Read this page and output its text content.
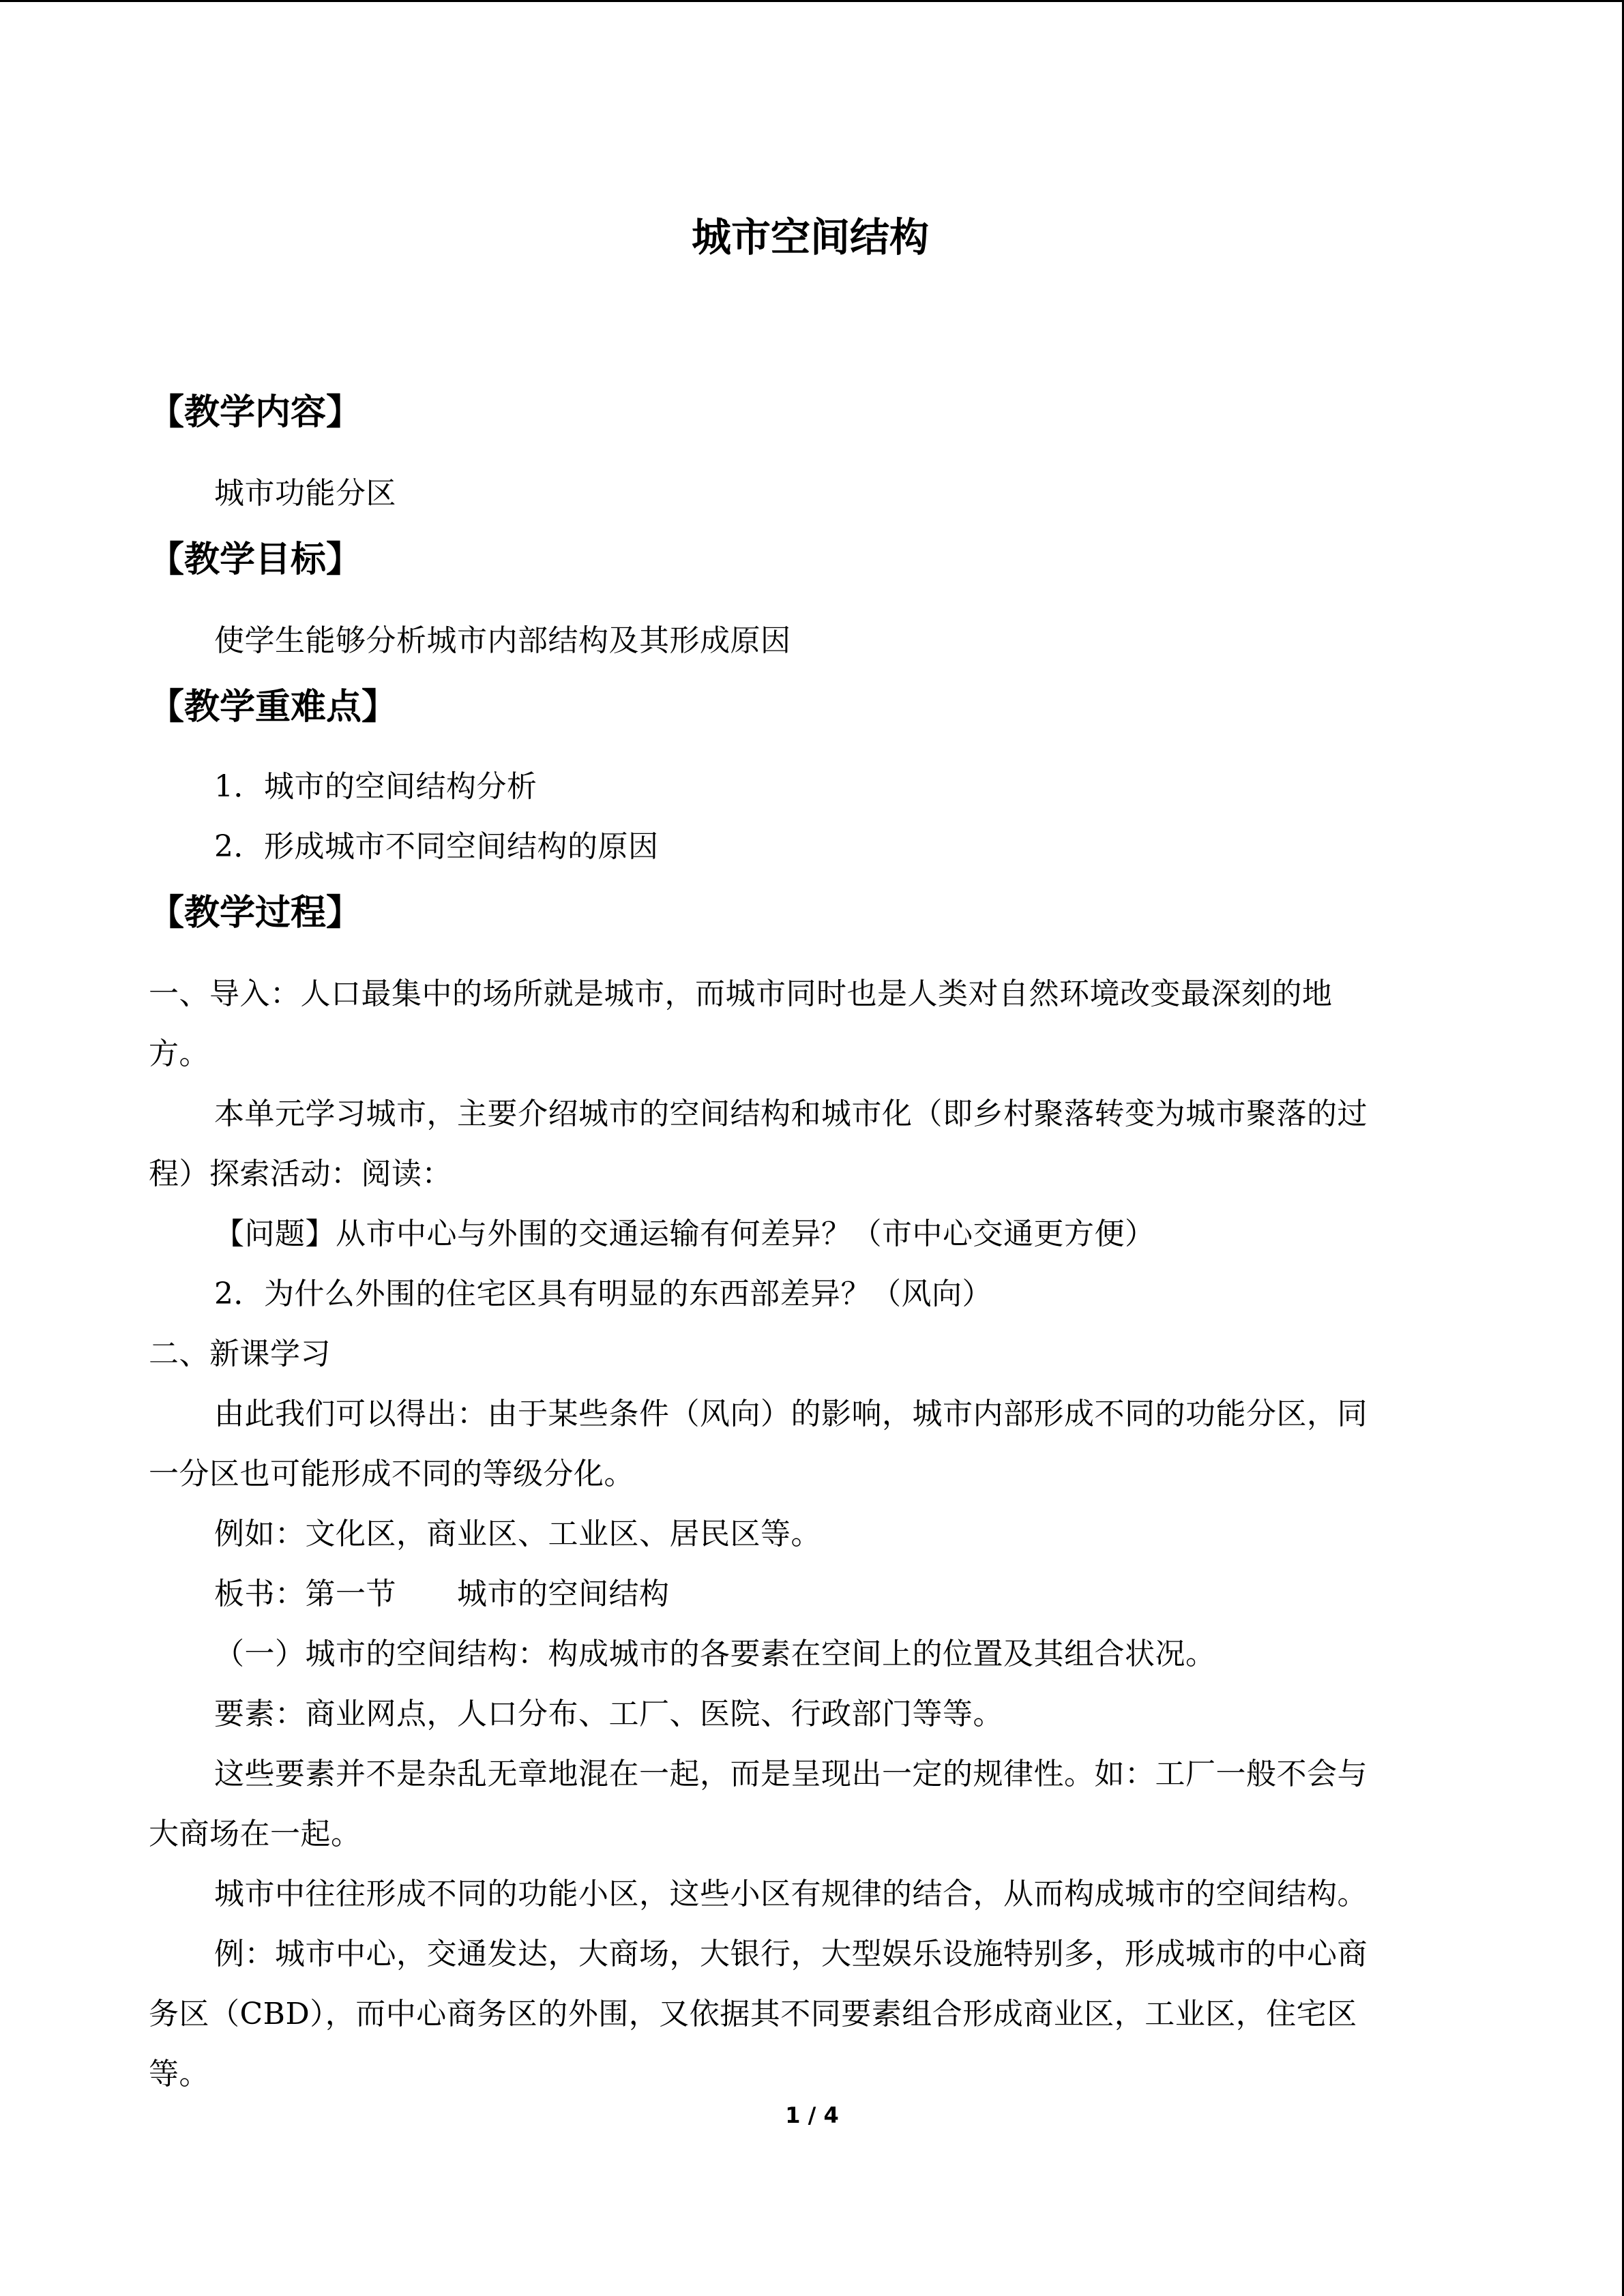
城市空间结构
【教学内容】
城市功能分区
【教学目标】
使学生能够分析城市内部结构及其形成原因
【教学重难点】
1．城市的空间结构分析
2．形成城市不同空间结构的原因
【教学过程】
一、导入：人口最集中的场所就是城市，而城市同时也是人类对自然环境改变最深刻的地
方。
本单元学习城市，主要介绍城市的空间结构和城市化（即乡村聚落转变为城市聚落的过
程）探索活动：阅读：
【问题】从市中心与外围的交通运输有何差异？（市中心交通更方便）
2．为什么外围的住宅区具有明显的东西部差异？（风向）
二、新课学习
由此我们可以得出：由于某些条件（风向）的影响，城市内部形成不同的功能分区，同
一分区也可能形成不同的等级分化。
例如：文化区，商业区、工业区、居民区等。
板书：第一节　　城市的空间结构
（一）城市的空间结构：构成城市的各要素在空间上的位置及其组合状况。
要素：商业网点，人口分布、工厂、医院、行政部门等等。
这些要素并不是杂乱无章地混在一起，而是呈现出一定的规律性。如：工厂一般不会与
大商场在一起。
城市中往往形成不同的功能小区，这些小区有规律的结合，从而构成城市的空间结构。
例：城市中心，交通发达，大商场，大银行，大型娱乐设施特别多，形成城市的中心商
务区（CBD），而中心商务区的外围，又依据其不同要素组合形成商业区，工业区，住宅区
等。
1 / 4
